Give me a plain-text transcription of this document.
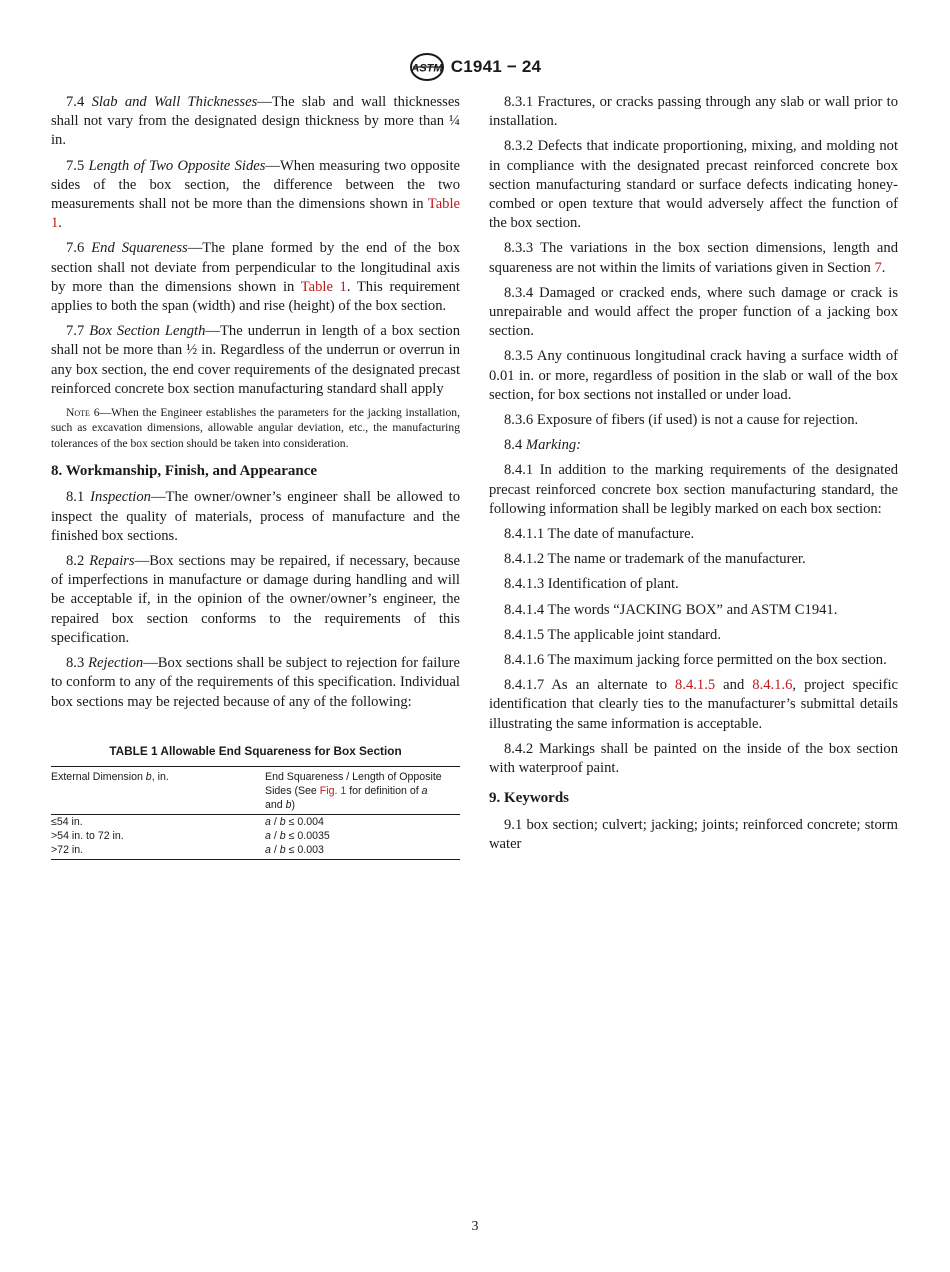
ASTM C1941 − 24

7.4 Slab and Wall Thicknesses—The slab and wall thicknesses shall not vary from the designated design thickness by more than ¼ in.

7.5 Length of Two Opposite Sides—When measuring two opposite sides of the box section, the difference between the two measurements shall not be more than the dimensions shown in Table 1.

7.6 End Squareness—The plane formed by the end of the box section shall not deviate from perpendicular to the longitudinal axis by more than the dimensions shown in Table 1. This requirement applies to both the span (width) and rise (height) of the box section.

7.7 Box Section Length—The underrun in length of a box section shall not be more than ½ in. Regardless of the underrun or overrun in any box section, the end cover requirements of the designated precast reinforced concrete box section manufacturing standard shall apply

Note 6—When the Engineer establishes the parameters for the jacking installation, such as excavation dimensions, allowable angular deviation, etc., the manufacturing tolerances of the box section should be taken into consideration.

8. Workmanship, Finish, and Appearance

8.1 Inspection—The owner/owner’s engineer shall be allowed to inspect the quality of materials, process of manufacture and the finished box sections.

8.2 Repairs—Box sections may be repaired, if necessary, because of imperfections in manufacture or damage during handling and will be acceptable if, in the opinion of the owner/owner’s engineer, the repaired box section conforms to the requirements of this specification.

8.3 Rejection—Box sections shall be subject to rejection for failure to conform to any of the requirements of this specification. Individual box sections may be rejected because of any of the following:

TABLE 1 Allowable End Squareness for Box Section
External Dimension b, in.	End Squareness / Length of Opposite Sides (See Fig. 1 for definition of a
and b)
≤54 in.	a / b ≤ 0.004
>54 in. to 72 in.	a / b ≤ 0.0035
>72 in.	a / b ≤ 0.003

8.3.1 Fractures, or cracks passing through any slab or wall prior to installation.

8.3.2 Defects that indicate proportioning, mixing, and molding not in compliance with the designated precast reinforced concrete box section manufacturing standard or surface defects indicating honey-combed or open texture that would adversely affect the function of the box section.

8.3.3 The variations in the box section dimensions, length and squareness are not within the limits of variations given in Section 7.

8.3.4 Damaged or cracked ends, where such damage or crack is unrepairable and would affect the proper function of a jacking box section.

8.3.5 Any continuous longitudinal crack having a surface width of 0.01 in. or more, regardless of position in the slab or wall of the box section, for box sections not installed or under load.

8.3.6 Exposure of fibers (if used) is not a cause for rejection.

8.4 Marking:

8.4.1 In addition to the marking requirements of the designated precast reinforced concrete box section manufacturing standard, the following information shall be legibly marked on each box section:

8.4.1.1 The date of manufacture.

8.4.1.2 The name or trademark of the manufacturer.

8.4.1.3 Identification of plant.

8.4.1.4 The words “JACKING BOX” and ASTM C1941.

8.4.1.5 The applicable joint standard.

8.4.1.6 The maximum jacking force permitted on the box section.

8.4.1.7 As an alternate to 8.4.1.5 and 8.4.1.6, project specific identification that clearly ties to the manufacturer’s submittal details illustrating the same information is acceptable.

8.4.2 Markings shall be painted on the inside of the box section with waterproof paint.

9. Keywords

9.1 box section; culvert; jacking; joints; reinforced concrete; storm water

3
